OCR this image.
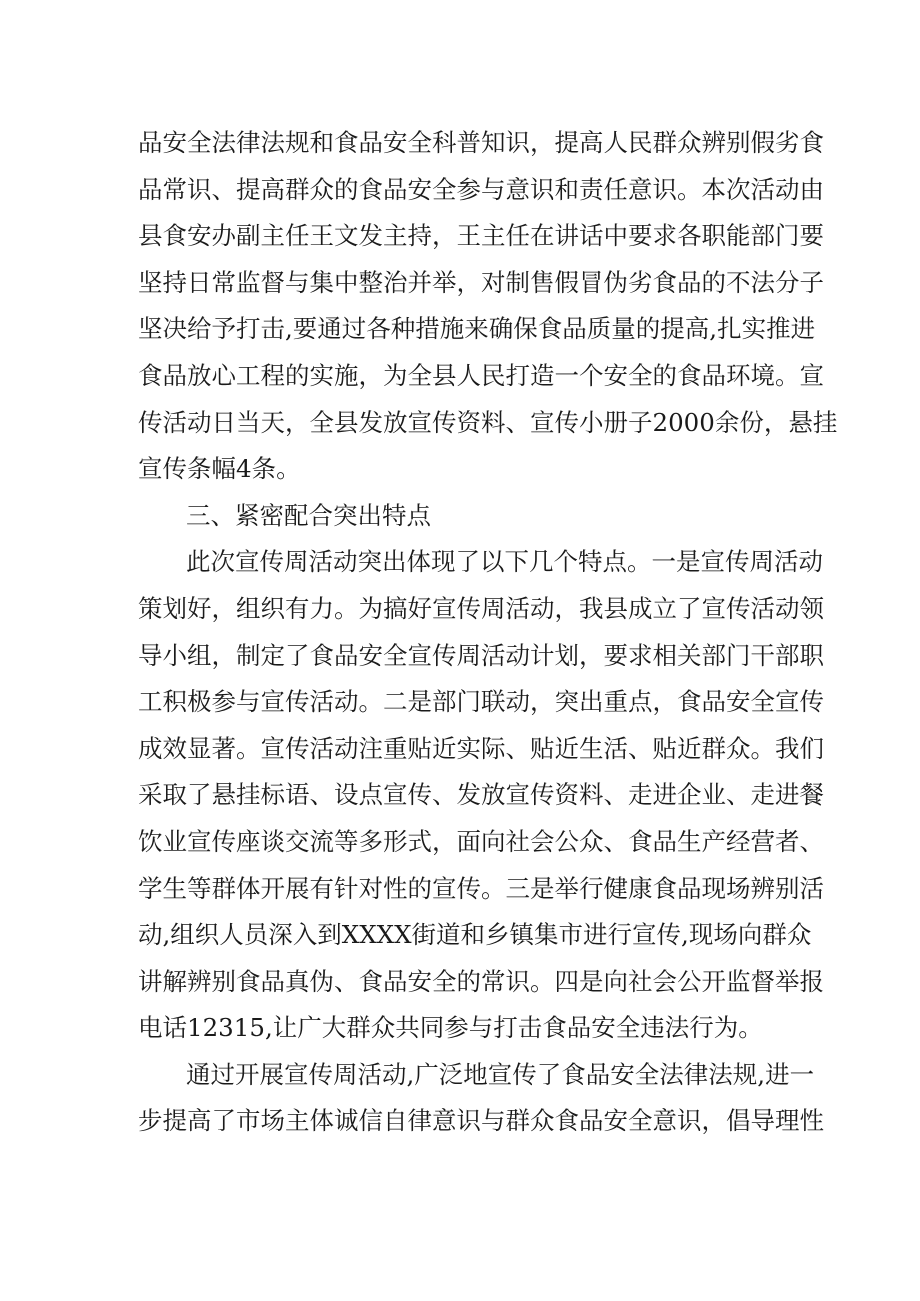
品安全法律法规和食品安全科普知识，提高人民群众辨别假劣食
品常识、提高群众的食品安全参与意识和责任意识。本次活动由
县食安办副主任王文发主持，王主任在讲话中要求各职能部门要
坚持日常监督与集中整治并举，对制售假冒伪劣食品的不法分子
坚决给予打击,要通过各种措施来确保食品质量的提高,扎实推进
食品放心工程的实施，为全县人民打造一个安全的食品环境。宣
传活动日当天，全县发放宣传资料、宣传小册子2000余份，悬挂
宣传条幅4条。
三、紧密配合突出特点
此次宣传周活动突出体现了以下几个特点。一是宣传周活动
策划好，组织有力。为搞好宣传周活动，我县成立了宣传活动领
导小组，制定了食品安全宣传周活动计划，要求相关部门干部职
工积极参与宣传活动。二是部门联动，突出重点，食品安全宣传
成效显著。宣传活动注重贴近实际、贴近生活、贴近群众。我们
采取了悬挂标语、设点宣传、发放宣传资料、走进企业、走进餐
饮业宣传座谈交流等多形式，面向社会公众、食品生产经营者、
学生等群体开展有针对性的宣传。三是举行健康食品现场辨别活
动,组织人员深入到XXXX街道和乡镇集市进行宣传,现场向群众
讲解辨别食品真伪、食品安全的常识。四是向社会公开监督举报
电话12315,让广大群众共同参与打击食品安全违法行为。
通过开展宣传周活动,广泛地宣传了食品安全法律法规,进一
步提高了市场主体诚信自律意识与群众食品安全意识，倡导理性
